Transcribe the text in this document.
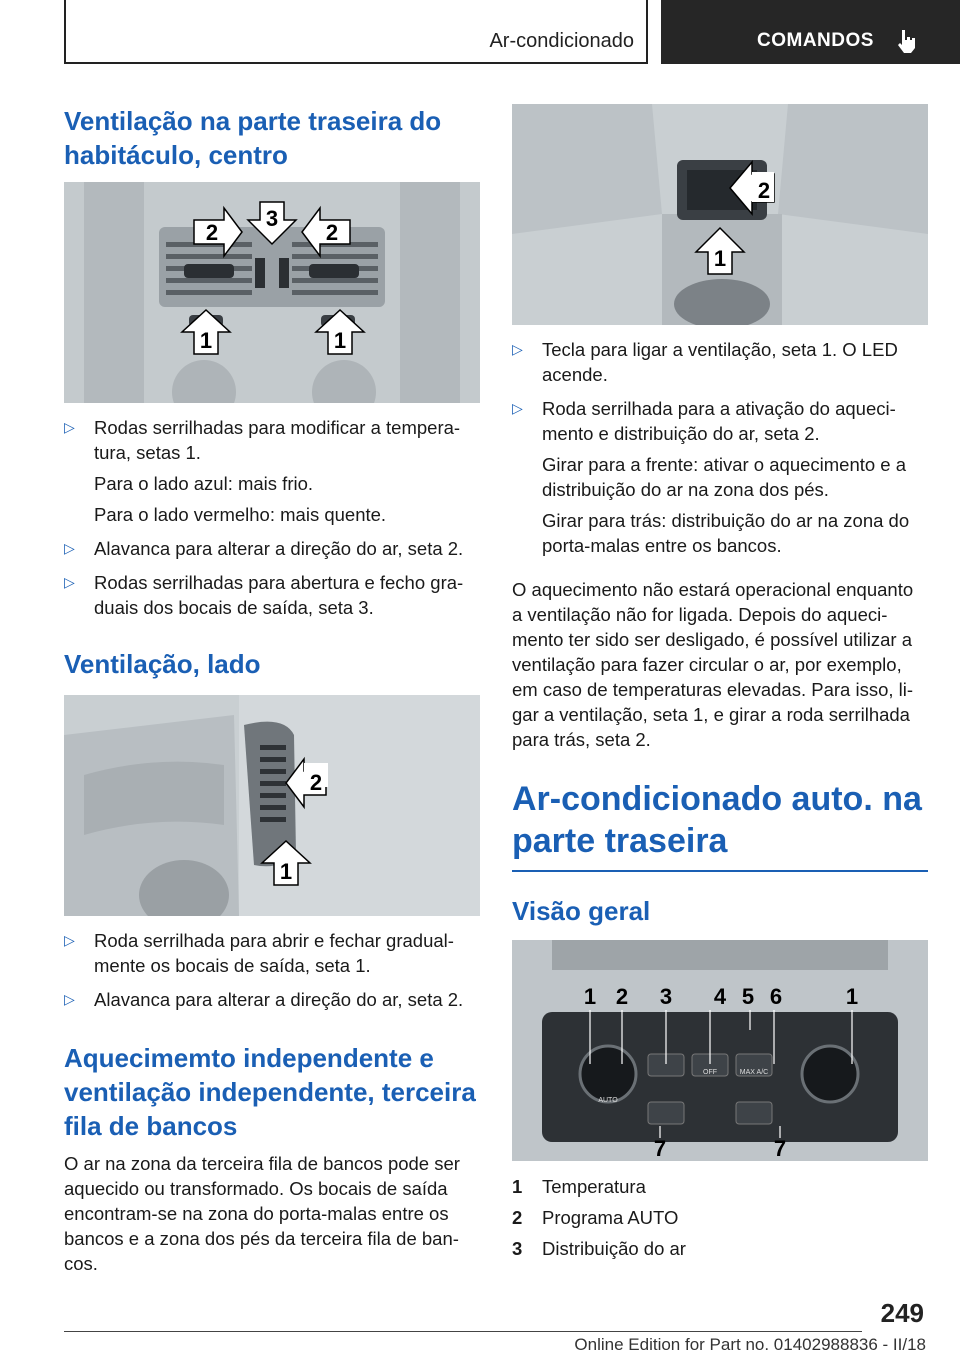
Ar-condicionado	COMANDOS
Ventilação na parte traseira do habitáculo, centro
2
3
2
1	1
▷ Rodas serrilhadas para modificar a tempera-tura, setas 1.

Para o lado azul: mais frio.

Para o lado vermelho: mais quente.

▷ Alavanca para alterar a direção do ar, seta 2.
▷ Rodas serrilhadas para abertura e fecho gra-duais dos bocais de saída, seta 3.
Ventilação, lado
2
1
▷ Roda serrilhada para abrir e fechar gradual-mente os bocais de saída, seta 1.
▷ Alavanca para alterar a direção do ar, seta 2.
Aquecimemto independente e ventilação independente, terceira fila de bancos

O ar na zona da terceira fila de bancos pode ser aquecido ou transformado. Os bocais de saída encontram-se na zona do porta-malas entre os bancos e a zona dos pés da terceira fila de ban-cos.

2
1
▷ Tecla para ligar a ventilação, seta 1. O LED acende.
▷ Roda serrilhada para a ativação do aqueci-mento e distribuição do ar, seta 2.

Girar para a frente: ativar o aquecimento e a distribuição do ar na zona dos pés.

Girar para trás: distribuição do ar na zona do porta-malas entre os bancos.

O aquecimento não estará operacional enquanto a ventilação não for ligada. Depois do aqueci-mento ter sido ser desligado, é possível utilizar a ventilação para fazer circular o ar, por exemplo, em caso de temperaturas elevadas. Para isso, li-gar a ventilação, seta 1, e girar a roda serrilhada para trás, seta 2.

Ar-condicionado auto. na parte traseira
Visão geral
AUTO
OFF	MAX A/C
1 2 3 4 5 6	1
7	7
1 Temperatura
2 Programa AUTO
3 Distribuição do ar
249
Online Edition for Part no. 01402988836 - II/18
